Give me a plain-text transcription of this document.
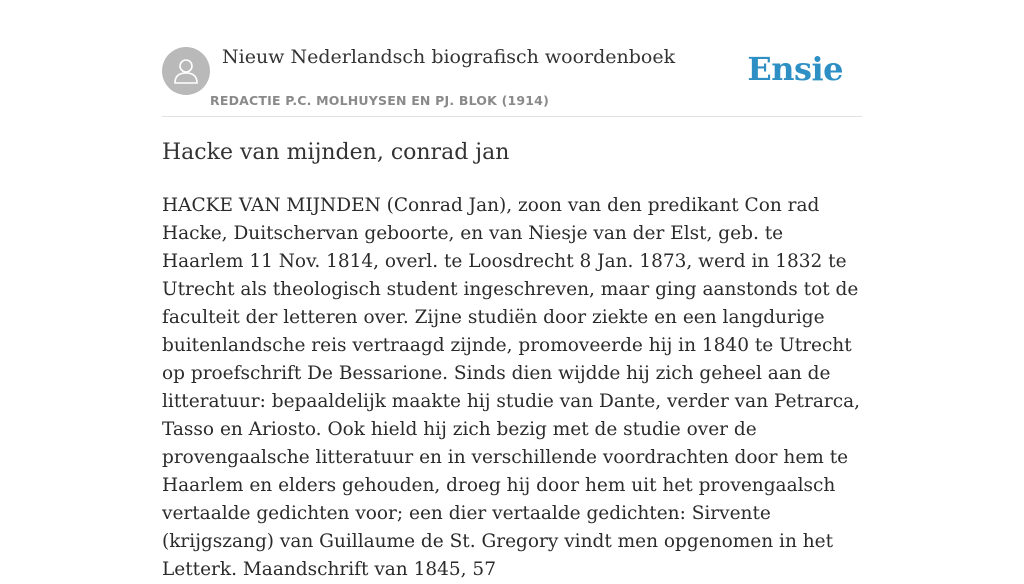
Nieuw Nederlandsch biografisch woordenboek
REDACTIE P.C. MOLHUYSEN EN PJ. BLOK (1914)
Ensie
Hacke van mijnden, conrad jan

HACKE VAN MIJNDEN (Conrad Jan), zoon van den predikant Con rad Hacke, Duitschervan geboorte, en van Niesje van der Elst, geb. te Haarlem 11 Nov. 1814, overl. te Loosdrecht 8 Jan. 1873, werd in 1832 te Utrecht als theologisch student ingeschreven, maar ging aanstonds tot de faculteit der letteren over. Zijne studiën door ziekte en een langdurige buitenlandsche reis vertraagd zijnde, promoveerde hij in 1840 te Utrecht op proefschrift De Bessarione. Sinds dien wijdde hij zich geheel aan de litteratuur: bepaaldelijk maakte hij studie van Dante, verder van Petrarca, Tasso en Ariosto. Ook hield hij zich bezig met de studie over de provengaalsche litteratuur en in verschillende voordrachten door hem te Haarlem en elders gehouden, droeg hij door hem uit het provengaalsch vertaalde gedichten voor; een dier vertaalde gedichten: Sirvente (krijgszang) van Guillaume de St. Gregory vindt men opgenomen in het Letterk. Maandschrift van 1845, 57
